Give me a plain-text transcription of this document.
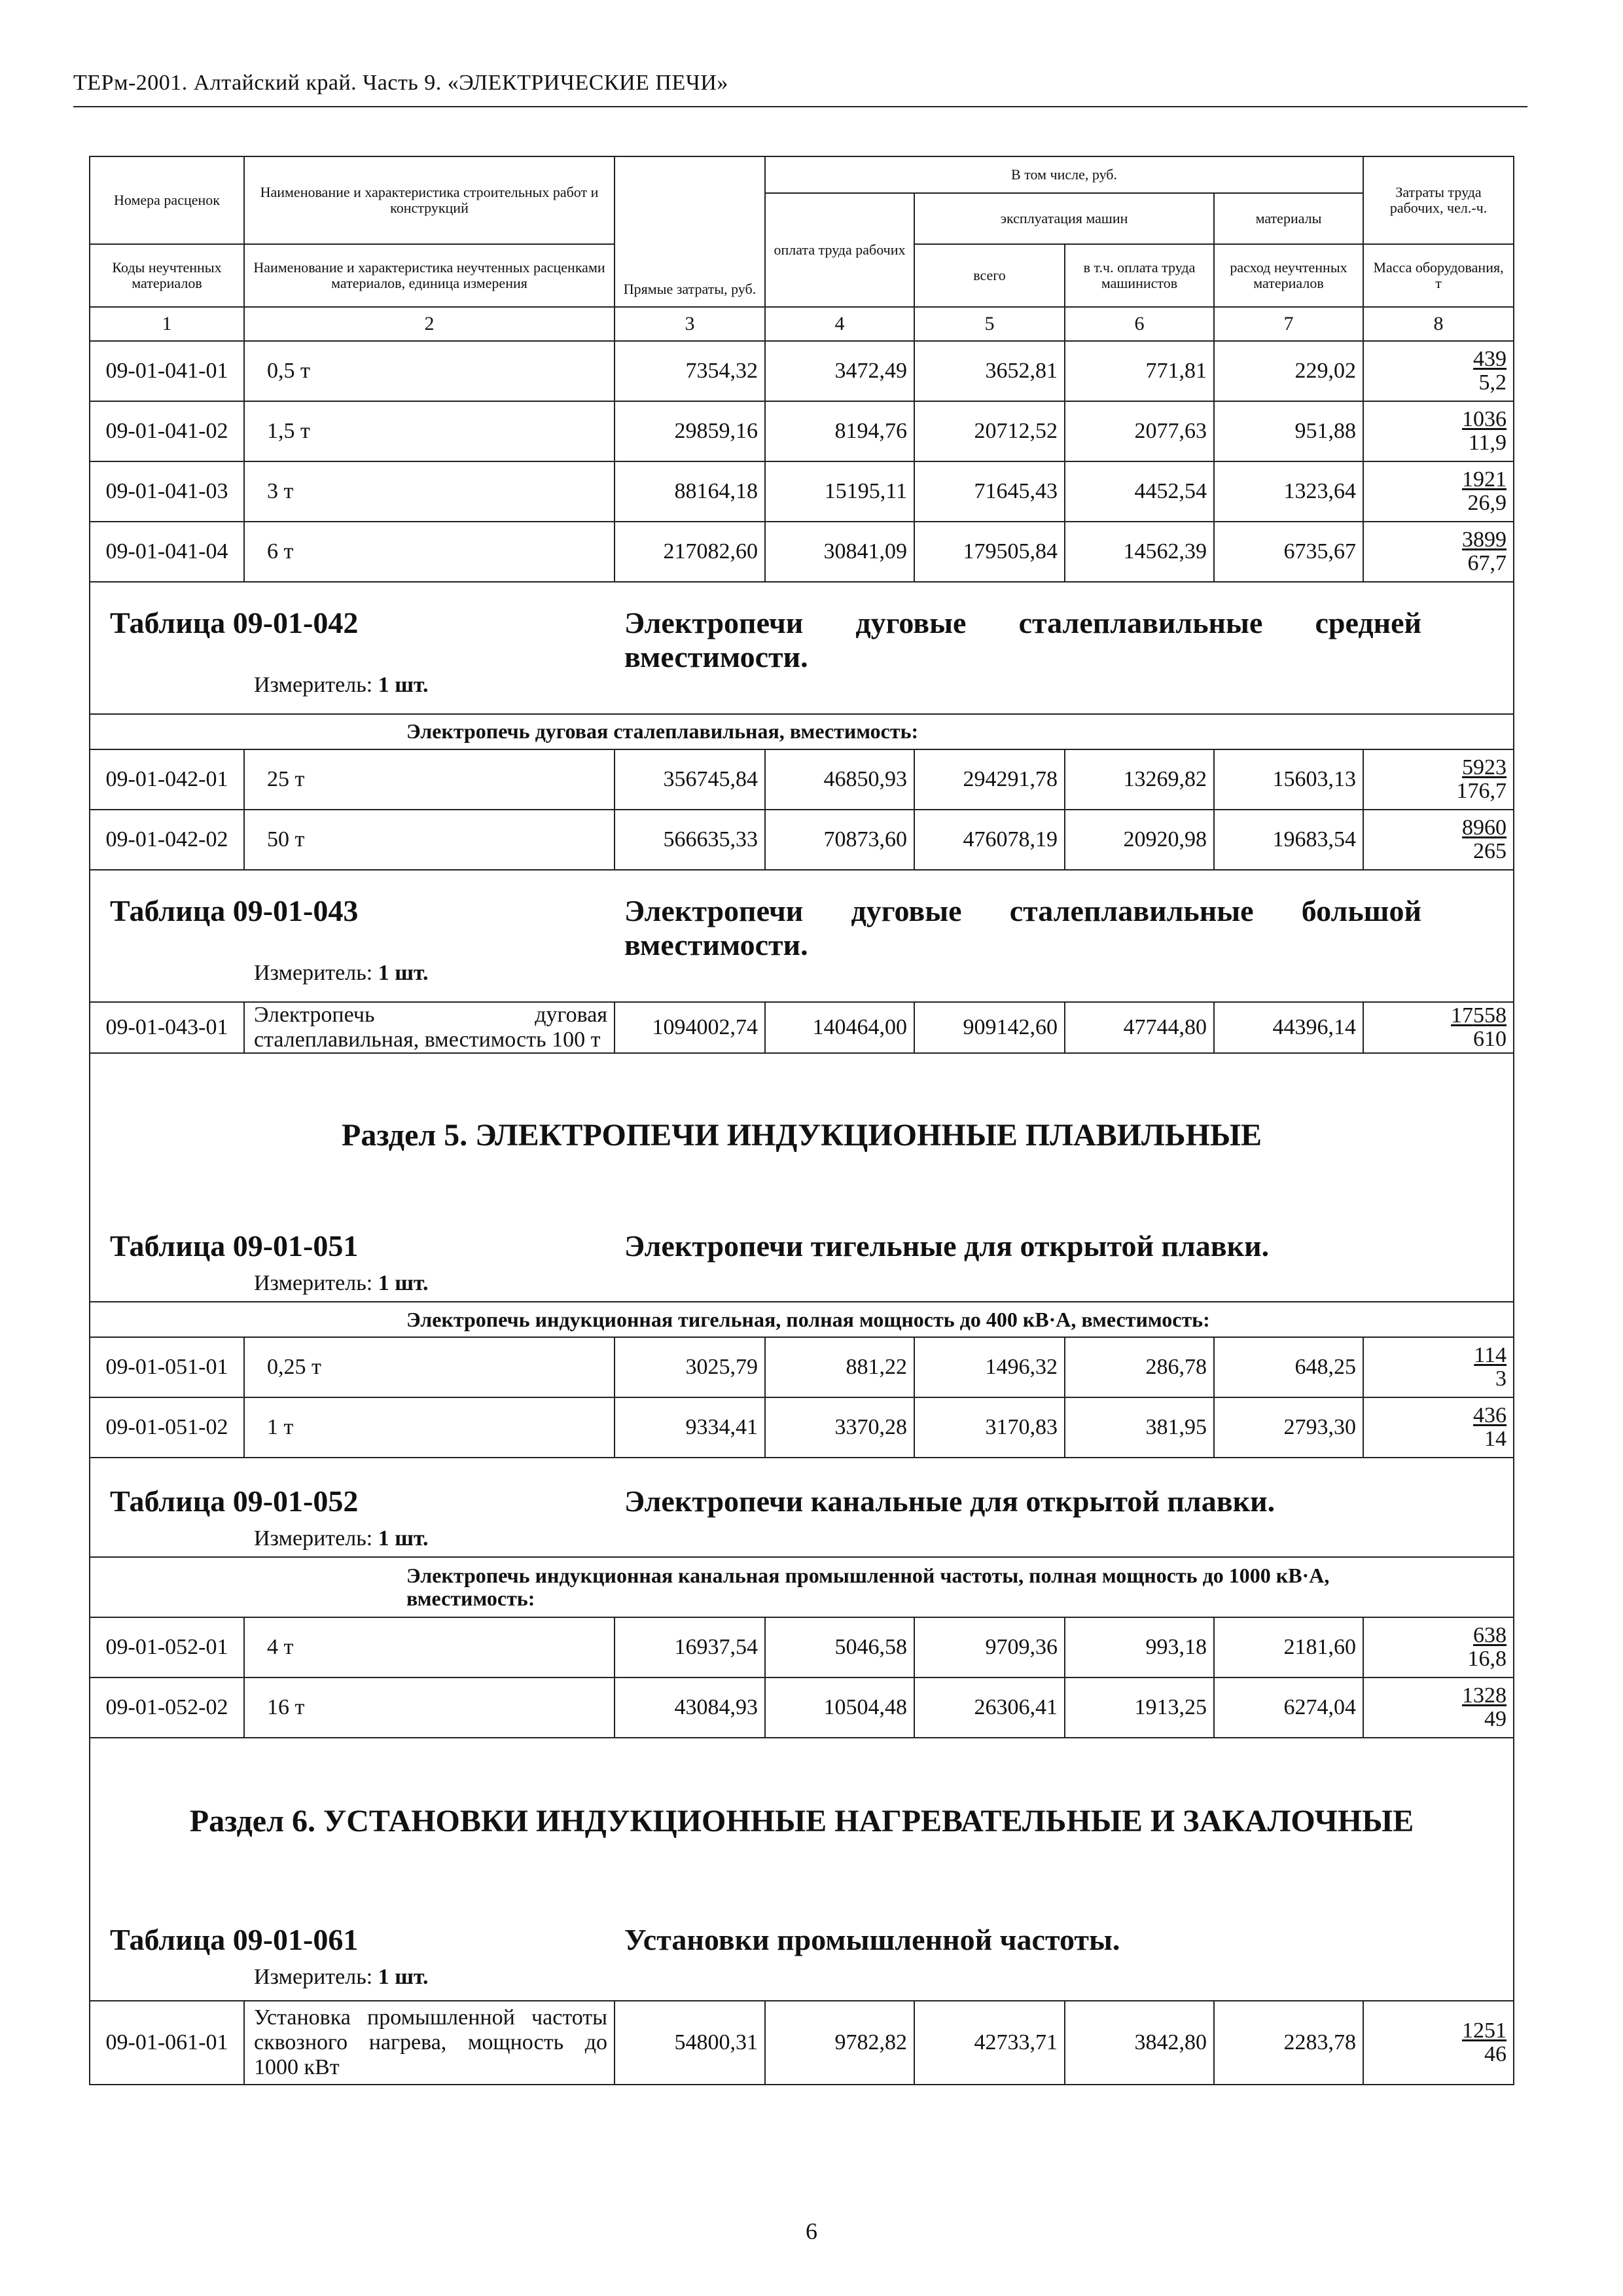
ТЕРм-2001. Алтайский край. Часть 9. «ЭЛЕКТРИЧЕСКИЕ ПЕЧИ»
Номера расценок	Наименование и характеристика строительных работ и конструкций	Прямые затраты, руб.	В том числе, руб.				Затраты труда рабочих, чел.-ч.
			оплата труда рабочих	эксплуатация машин		материалы	
Коды неучтенных материалов	Наименование и характеристика неучтенных расценками материалов, единица измерения			всего	в т.ч. оплата труда машинистов	расход неучтенных материалов	Масса оборудования, т
1	2	3	4	5	6	7	8
09-01-041-01	0,5 т	7354,32	3472,49	3652,81	771,81	229,02	439
5,2

09-01-041-02	1,5 т	29859,16	8194,76	20712,52	2077,63	951,88	1036
11,9

09-01-041-03	3 т	88164,18	15195,11	71645,43	4452,54	1323,64	1921
26,9

09-01-041-04	6 т	217082,60	30841,09	179505,84	14562,39	6735,67	3899
67,7

Таблица 09-01-042 Электропечи дуговые сталеплавильные средней вместимости.
Измеритель: 1 шт.							

	Электропечь дуговая сталеплавильная, вместимость:						
09-01-042-01	25 т	356745,84	46850,93	294291,78	13269,82	15603,13	5923
176,7

09-01-042-02	50 т	566635,33	70873,60	476078,19	20920,98	19683,54	8960
265

Таблица 09-01-043 Электропечи дуговые сталеплавильные большой вместимости.
Измеритель: 1 шт.							

09-01-043-01	Электропечь дуговая сталеплавильная, вместимость 100 т	1094002,74	140464,00	909142,60	47744,80	44396,14	17558
610

Раздел 5. ЭЛЕКТРОПЕЧИ ИНДУКЦИОННЫЕ ПЛАВИЛЬНЫЕ							

Таблица 09-01-051 Электропечи тигельные для открытой плавки.
Измеритель: 1 шт.							

	Электропечь индукционная тигельная, полная мощность до 400 кВ·А, вместимость:						
09-01-051-01	0,25 т	3025,79	881,22	1496,32	286,78	648,25	114
3

09-01-051-02	1 т	9334,41	3370,28	3170,83	381,95	2793,30	436
14

Таблица 09-01-052 Электропечи канальные для открытой плавки.
Измеритель: 1 шт.							

	Электропечь индукционная канальная промышленной частоты, полная мощность до 1000 кВ·А, вместимость:						
09-01-052-01	4 т	16937,54	5046,58	9709,36	993,18	2181,60	638
16,8

09-01-052-02	16 т	43084,93	10504,48	26306,41	1913,25	6274,04	1328
49

Раздел 6. УСТАНОВКИ ИНДУКЦИОННЫЕ НАГРЕВАТЕЛЬНЫЕ И ЗАКАЛОЧНЫЕ
Таблица 09-01-061 Установки промышленной частоты.
Измеритель: 1 шт.							

09-01-061-01	Установка промышленной частоты сквозного нагрева, мощность до 1000 кВт	54800,31	9782,82	42733,71	3842,80	2283,78	1251
46
6
